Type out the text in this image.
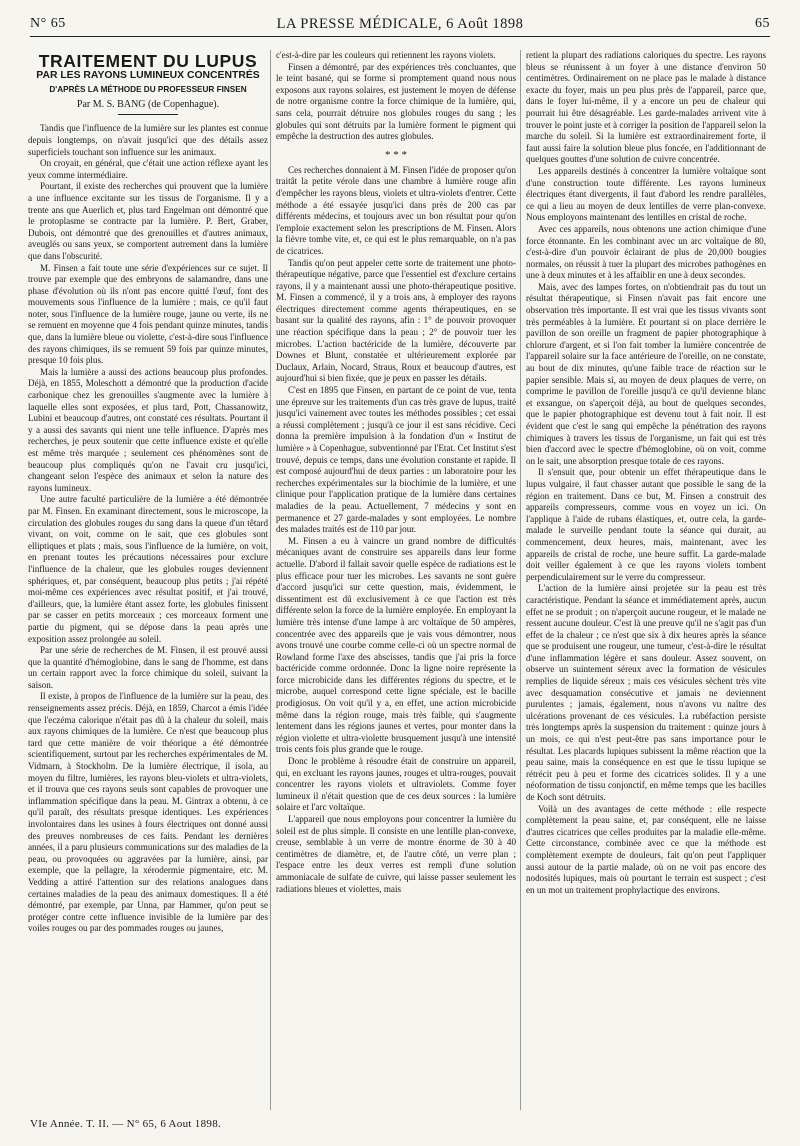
N° 65	LA PRESSE MÉDICALE, 6 Août 1898	65
TRAITEMENT DU LUPUS
PAR LES RAYONS LUMINEUX CONCENTRÉS
D'APRÈS LA MÉTHODE DU PROFESSEUR FINSEN
Par M. S. BANG (de Copenhague).

Tandis que l'influence de la lumière sur les plantes est connue depuis longtemps, on n'avait jusqu'ici que des détails assez superficiels touchant son influence sur les animaux.

On croyait, en général, que c'était une action réflexe ayant les yeux comme intermédiaire.

Pourtant, il existe des recherches qui prouvent que la lumière a une influence excitante sur les tissus de l'organisme. Il y a trente ans que Auerlich et, plus tard Engelman ont démontré que le protoplasme se contracte par la lumière. P. Bert, Graber, Dubois, ont démontré que des grenouilles et d'autres animaux, aveuglés ou sans yeux, se comportent autrement dans la lumière que dans l'obscurité.

M. Finsen a fait toute une série d'expériences sur ce sujet. Il trouve par exemple que des embryons de salamandre, dans une phase d'évolution où ils n'ont pas encore quitté l'œuf, font des mouvements sous l'influence de la lumière ; mais, ce qu'il faut noter, sous l'influence de la lumière rouge, jaune ou verte, ils ne se remuent en moyenne que 4 fois pendant quinze minutes, tandis que, dans la lumière bleue ou violette, c'est-à-dire sous l'influence des rayons chimiques, ils se remuent 59 fois par quinze minutes, presque 10 fois plus.

Mais la lumière a aussi des actions beaucoup plus profondes. Déjà, en 1855, Moleschott a démontré que la production d'acide carbonique chez les grenouilles s'augmente avec la lumière à laquelle elles sont exposées, et plus tard, Pott, Chassanowitz, Lubini et beaucoup d'autres, ont constaté ces résultats. Pourtant il y a aussi des savants qui nient une telle influence. D'après mes recherches, je peux soutenir que cette influence existe et qu'elle est même très marquée ; seulement ces phénomènes sont de beaucoup plus compliqués qu'on ne l'avait cru jusqu'ici, changeant selon l'espèce des animaux et selon la nature des rayons lumineux.

Une autre faculté particulière de la lumière a été démontrée par M. Finsen. En examinant directement, sous le microscope, la circulation des globules rouges du sang dans la queue d'un têtard vivant, on voit, comme on le sait, que ces globules sont elliptiques et plats ; mais, sous l'influence de la lumière, on voit, en prenant toutes les précautions nécessaires pour exclure l'influence de la chaleur, que les globules rouges deviennent sphériques, et, par conséquent, beaucoup plus petits ; j'ai répété moi-même ces expériences avec résultat positif, et j'ai trouvé, d'ailleurs, que, la lumière étant assez forte, les globules finissent par se casser en petits morceaux ; ces morceaux forment une partie du pigment, qui se dépose dans la peau après une exposition assez prolongée au soleil.

Par une série de recherches de M. Finsen, il est prouvé aussi que la quantité d'hémoglobine, dans le sang de l'homme, est dans un certain rapport avec la force chimique du soleil, suivant la saison.

Il existe, à propos de l'influence de la lumière sur la peau, des renseignements assez précis. Déjà, en 1859, Charcot a émis l'idée que l'eczéma calorique n'était pas dû à la chaleur du soleil, mais aux rayons chimiques de la lumière. Ce n'est que beaucoup plus tard que cette manière de voir théorique a été démontrée scientifiquement, surtout par les recherches expérimentales de M. Vidmarn, à Stockholm. De la lumière électrique, il isola, au moyen du filtre, lumières, les rayons bleu-violets et ultra-violets, et il trouva que ces rayons seuls sont capables de provoquer une inflammation spécifique dans la peau. M. Gintrax a obtenu, à ce qu'il paraît, des résultats presque identiques. Les expériences involontaires dans les usines à fours électriques ont donné aussi des preuves nombreuses de ces faits. Pendant les dernières années, il a paru plusieurs communications sur des maladies de la peau, ou provoquées ou aggravées par la lumière, ainsi, par exemple, que la pellagre, la xérodermie pigmentaire, etc. M. Vedding a attiré l'attention sur des relations analogues dans certaines maladies de la peau des animaux domestiques. Il a été démontré, par exemple, par Unna, par Hammer, qu'on peut se protéger contre cette influence invisible de la lumière par des voiles rouges ou par des pommades rouges ou jaunes,

c'est-à-dire par les couleurs qui retiennent les rayons violets.

Finsen a démontré, par des expériences très concluantes, que le teint basané, qui se forme si promptement quand nous nous exposons aux rayons solaires, est justement le moyen de défense de notre organisme contre la force chimique de la lumière, qui, sans cela, pourrait détruire nos globules rouges du sang ; les globules qui sont détruits par la lumière forment le pigment qui empêche la destruction des autres globules.

* * *

Ces recherches donnaient à M. Finsen l'idée de proposer qu'on traitât la petite vérole dans une chambre à lumière rouge afin d'empêcher les rayons bleus, violets et ultra-violets d'entrer. Cette méthode a été essayée jusqu'ici dans près de 200 cas par différents médecins, et toujours avec un bon résultat pour qu'on l'emploie exactement selon les prescriptions de M. Finsen. Alors la fièvre tombe vite, et, ce qui est le plus remarquable, on n'a pas de cicatrices.

Tandis qu'on peut appeler cette sorte de traitement une photo-thérapeutique négative, parce que l'essentiel est d'exclure certains rayons, il y a maintenant aussi une photo-thérapeutique positive. M. Finsen a commencé, il y a trois ans, à employer des rayons électriques directement comme agents thérapeutiques, en se basant sur la qualité des rayons, afin : 1° de pouvoir provoquer une réaction spécifique dans la peau ; 2° de pouvoir tuer les microbes. L'action bactéricide de la lumière, découverte par Downes et Blunt, constatée et ultérieurement explorée par Duclaux, Arlain, Nocard, Straus, Roux et beaucoup d'autres, est aujourd'hui si bien fixée, que je peux en passer les détails.

C'est en 1895 que Finsen, en partant de ce point de vue, tenta une épreuve sur les traitements d'un cas très grave de lupus, traité jusqu'ici vainement avec toutes les méthodes possibles ; cet essai a réussi complètement ; jusqu'à ce jour il est sans récidive. Ceci donna la première impulsion à la fondation d'un « Institut de lumière » à Copenhague, subventionné par l'Etat. Cet Institut s'est trouvé, depuis ce temps, dans une évolution constante et rapide. Il est composé aujourd'hui de deux parties : un laboratoire pour les recherches expérimentales sur la biochimie de la lumière, et une clinique pour l'application pratique de la lumière dans certaines maladies de la peau. Actuellement, 7 médecins y sont en permanence et 27 garde-malades y sont employées. Le nombre des malades traités est de 110 par jour.

M. Finsen a eu à vaincre un grand nombre de difficultés mécaniques avant de construire ses appareils dans leur forme actuelle. D'abord il fallait savoir quelle espèce de radiations est le plus efficace pour tuer les microbes. Les savants ne sont guère d'accord jusqu'ici sur cette question, mais, évidemment, le dissentiment est dû exclusivement à ce que l'action est très différente selon la force de la lumière employée. En employant la lumière très intense d'une lampe à arc voltaïque de 50 ampères, concentrée avec des appareils que je vais vous démontrer, nous avons trouvé une courbe comme celle-ci où un spectre normal de Rowland forme l'axe des abscisses, tandis que j'ai pris la force bactéricide comme ordonnée. Donc la ligne noire représente la force microbicide dans les différentes régions du spectre, et le microbe, auquel correspond cette ligne spéciale, est le bacille prodigiosus. On voit qu'il y a, en effet, une action microbicide même dans la région rouge, mais très faible, qui s'augmente lentement dans les régions jaunes et vertes, pour monter dans la région violette et ultra-violette brusquement jusqu'à une intensité trois cents fois plus grande que le rouge.

Donc le problème à résoudre était de construire un appareil, qui, en excluant les rayons jaunes, rouges et ultra-rouges, pouvait concentrer les rayons violets et ultraviolets. Comme foyer lumineux il n'était question que de ces deux sources : la lumière solaire et l'arc voltaïque.

L'appareil que nous employons pour concentrer la lumière du soleil est de plus simple. Il consiste en une lentille plan-convexe, creuse, semblable à un verre de montre énorme de 30 à 40 centimètres de diamètre, et, de l'autre côté, un verre plan ; l'espace entre les deux verres est rempli d'une solution ammoniacale de sulfate de cuivre, qui laisse passer seulement les radiations bleues et violettes, mais

retient la plupart des radiations caloriques du spectre. Les rayons bleus se réunissent à un foyer à une distance d'environ 50 centimètres. Ordinairement on ne place pas le malade à distance exacte du foyer, mais un peu plus près de l'appareil, parce que, dans le foyer lui-même, il y a encore un peu de chaleur qui pourrait lui être désagréable. Les garde-malades arrivent vite à trouver le point juste et à corriger la position de l'appareil selon la marche du soleil. Si la lumière est extraordinairement forte, il faut aussi faire la solution bleue plus foncée, en l'additionnant de quelques gouttes d'une solution de cuivre concentrée.

Les appareils destinés à concentrer la lumière voltaïque sont d'une construction toute différente. Les rayons lumineux électriques étant divergents, il faut d'abord les rendre parallèles, ce qui a lieu au moyen de deux lentilles de verre plan-convexe. Nous employons maintenant des lentilles en cristal de roche.

Avec ces appareils, nous obtenons une action chimique d'une force étonnante. En les combinant avec un arc voltaïque de 80, c'est-à-dire d'un pouvoir éclairant de plus de 20,000 bougies normales, on réussit à tuer la plupart des microbes pathogènes en une à deux minutes et à les affaiblir en une à deux secondes.

Mais, avec des lampes fortes, on n'obtiendrait pas du tout un résultat thérapeutique, si Finsen n'avait pas fait encore une observation très importante. Il est vrai que les tissus vivants sont très perméables à la lumière. Et pourtant si on place derrière le pavillon de son oreille un fragment de papier photographique à chlorure d'argent, et si l'on fait tomber la lumière concentrée de l'appareil solaire sur la face antérieure de l'oreille, on ne constate, au bout de dix minutes, qu'une faible trace de réaction sur le papier sensible. Mais si, au moyen de deux plaques de verre, on comprime le pavillon de l'oreille jusqu'à ce qu'il devienne blanc et exsangue, on s'aperçoit déjà, au bout de quelques secondes, que le papier photographique est devenu tout à fait noir. Il est évident que c'est le sang qui empêche la pénétration des rayons chimiques à travers les tissus de l'organisme, un fait qui est très bien d'accord avec le spectre d'hémoglobine, où on voit, comme on le sait, une absorption presque totale de ces rayons.

Il s'ensuit que, pour obtenir un effet thérapeutique dans le lupus vulgaire, il faut chasser autant que possible le sang de la région en traitement. Dans ce but, M. Finsen a construit des appareils compresseurs, comme vous en voyez un ici. On l'applique à l'aide de rubans élastiques, et, outre cela, la garde-malade le surveille pendant toute la séance qui durait, au commencement, deux heures, mais, maintenant, avec les appareils de cristal de roche, une heure suffit. La garde-malade doit veiller également à ce que les rayons violets tombent perpendiculairement sur le verre du compresseur.

L'action de la lumière ainsi projetée sur la peau est très caractéristique. Pendant la séance et immédiatement après, aucun effet ne se produit ; on n'aperçoit aucune rougeur, et le malade ne ressent aucune douleur. C'est là une preuve qu'il ne s'agit pas d'un effet de la chaleur ; ce n'est que six à dix heures après la séance que se produisent une rougeur, une tumeur, c'est-à-dire le résultat d'une inflammation légère et sans douleur. Assez souvent, on observe un suintement séreux avec la formation de vésicules remplies de liquide séreux ; mais ces vésicules sèchent très vite avec desquamation consécutive et jamais ne deviennent purulentes ; jamais, également, nous n'avons vu naître des ulcérations provenant de ces vésicules. La rubéfaction persiste très longtemps après la suspension du traitement : quinze jours à un mois, ce qui n'est peut-être pas sans importance pour le résultat. Les placards lupiques subissent la même réaction que la peau saine, mais la conséquence en est que le tissu lupique se rétrécit peu à peu et forme des cicatrices solides. Il y a une néoformation de tissu conjonctif, en même temps que les bacilles de Koch sont détruits.

Voilà un des avantages de cette méthode : elle respecte complètement la peau saine, et, par conséquent, elle ne laisse d'autres cicatrices que celles produites par la maladie elle-même. Cette circonstance, combinée avec ce que la méthode est complètement exempte de douleurs, fait qu'on peut l'appliquer aussi autour de la partie malade, où on ne voit pas encore des nodosités lupiques, mais où pourtant le terrain est suspect ; c'est en un mot un traitement prophylactique des environs.

VIe Année. T. II. — N° 65, 6 Aout 1898.
